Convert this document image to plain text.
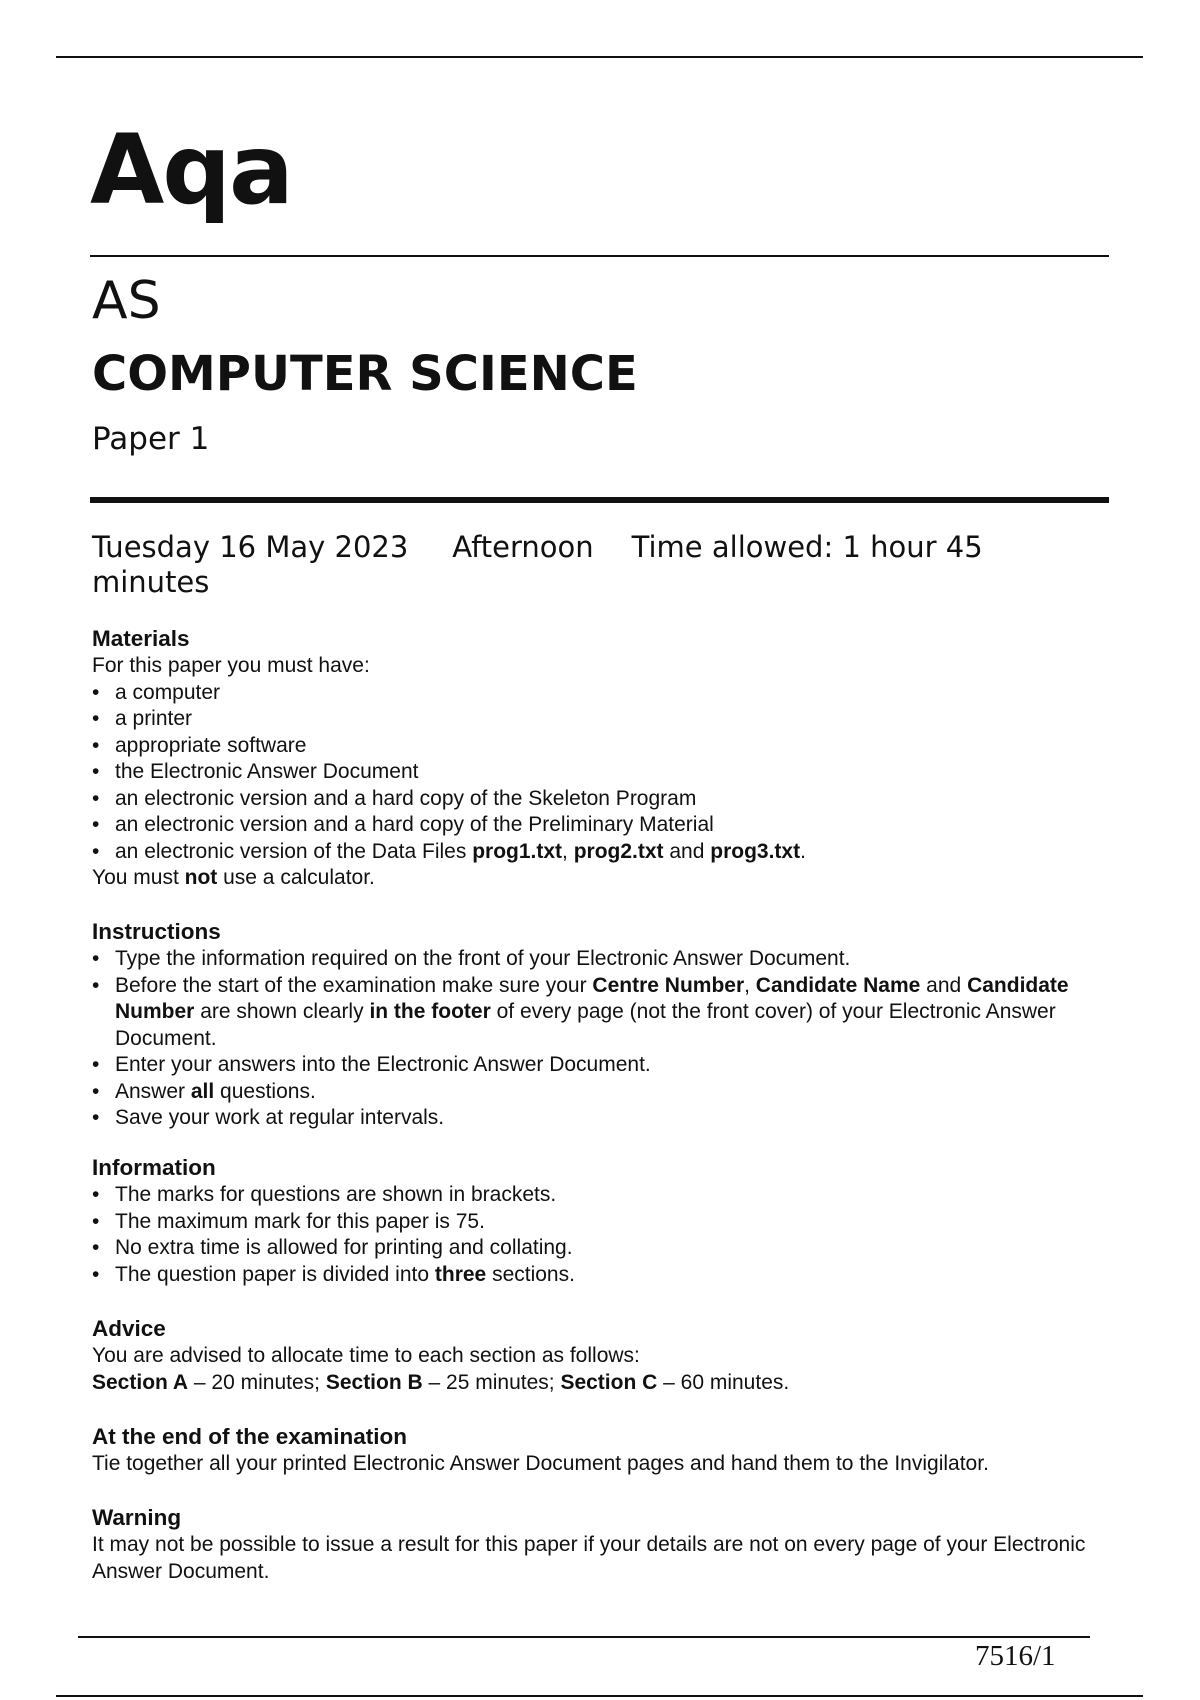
Aqa
AS
COMPUTER SCIENCE
Paper 1
Tuesday 16 May 2023 Afternoon Time allowed: 1 hour 45 minutes
Materials

For this paper you must have:

• a computer
• a printer
• appropriate software
• the Electronic Answer Document
• an electronic version and a hard copy of the Skeleton Program
• an electronic version and a hard copy of the Preliminary Material
• an electronic version of the Data Files prog1.txt, prog2.txt and prog3.txt.

You must not use a calculator.

Instructions
• Type the information required on the front of your Electronic Answer Document.
• Before the start of the examination make sure your Centre Number, Candidate Name and Candidate Number are shown clearly in the footer of every page (not the front cover) of your Electronic Answer Document.
• Enter your answers into the Electronic Answer Document.
• Answer all questions.
• Save your work at regular intervals.
Information
• The marks for questions are shown in brackets.
• The maximum mark for this paper is 75.
• No extra time is allowed for printing and collating.
• The question paper is divided into three sections.
Advice

You are advised to allocate time to each section as follows:

Section A – 20 minutes; Section B – 25 minutes; Section C – 60 minutes.

At the end of the examination

Tie together all your printed Electronic Answer Document pages and hand them to the Invigilator.

Warning

It may not be possible to issue a result for this paper if your details are not on every page of your Electronic Answer Document.

7516/1
